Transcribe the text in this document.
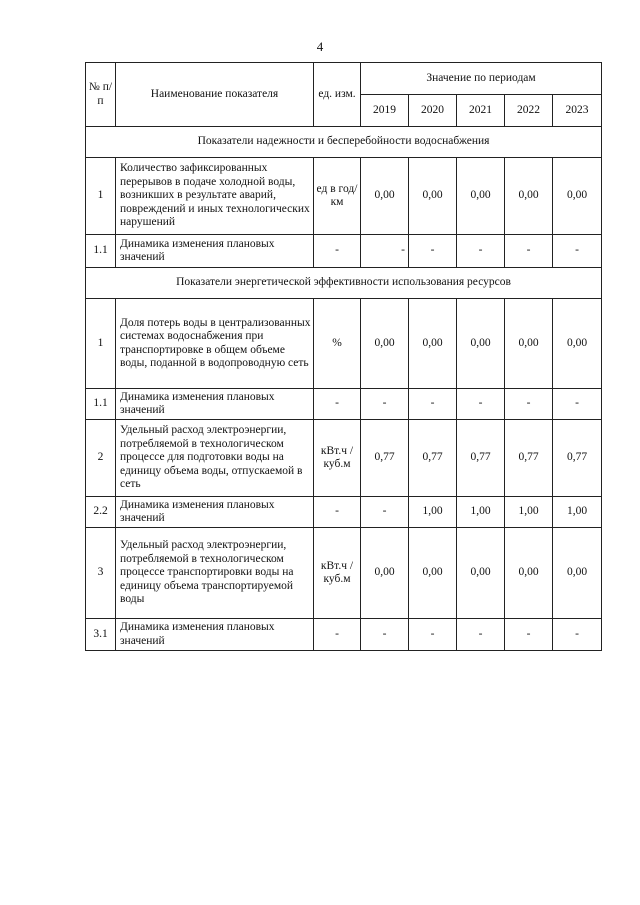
4
№ п/п	Наименование показателя	ед. изм.	Значение по периодам				
			2019	2020	2021	2022	2023
Показатели надежности и бесперебойности водоснабжения							
1	Количество зафиксированных перерывов в подаче холодной воды, возникших в результате аварий, повреждений и иных технологических нарушений	ед в год/ км	0,00	0,00	0,00	0,00	0,00
1.1	Динамика изменения плановых значений	-	-	-	-	-	-
Показатели энергетической эффективности использования ресурсов							
1	Доля потерь воды в централизованных системах водоснабжения при транспортировке в общем объеме воды, поданной в водопроводную сеть	%	0,00	0,00	0,00	0,00	0,00
1.1	Динамика изменения плановых значений	-	-	-	-	-	-
2	Удельный расход электроэнергии, потребляемой в технологическом процессе для подготовки воды на единицу объема воды, отпускаемой в сеть	кВт.ч / куб.м	0,77	0,77	0,77	0,77	0,77
2.2	Динамика изменения плановых значений	-	-	1,00	1,00	1,00	1,00
3	Удельный расход электроэнергии, потребляемой в технологическом процессе транспортировки воды на единицу объема транспортируемой воды	кВт.ч / куб.м	0,00	0,00	0,00	0,00	0,00
3.1	Динамика изменения плановых значений	-	-	-	-	-	-
